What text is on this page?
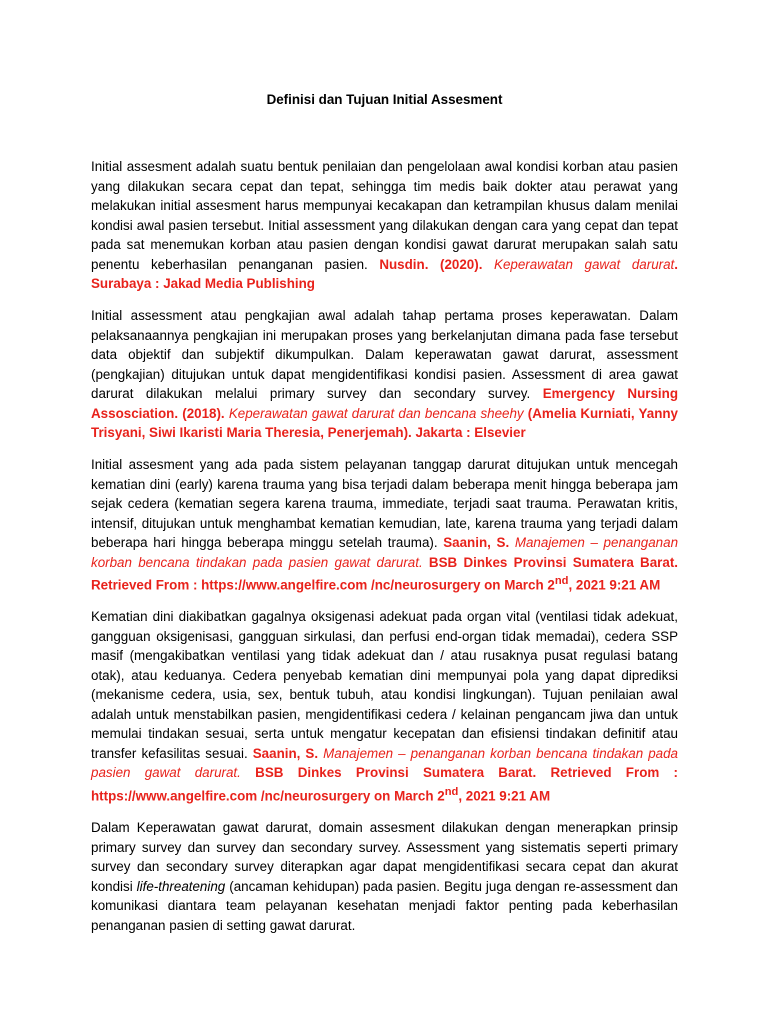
Definisi dan Tujuan Initial Assesment

Initial assesment adalah suatu bentuk penilaian dan pengelolaan awal kondisi korban atau pasien yang dilakukan secara cepat dan tepat, sehingga tim medis baik dokter atau perawat yang melakukan initial assesment harus mempunyai kecakapan dan ketrampilan khusus dalam menilai kondisi awal pasien tersebut. Initial assessment yang dilakukan dengan cara yang cepat dan tepat pada sat menemukan korban atau pasien dengan kondisi gawat darurat merupakan salah satu penentu keberhasilan penanganan pasien. Nusdin. (2020). Keperawatan gawat darurat. Surabaya : Jakad Media Publishing

Initial assessment atau pengkajian awal adalah tahap pertama proses keperawatan. Dalam pelaksanaannya pengkajian ini merupakan proses yang berkelanjutan dimana pada fase tersebut data objektif dan subjektif dikumpulkan. Dalam keperawatan gawat darurat, assessment (pengkajian) ditujukan untuk dapat mengidentifikasi kondisi pasien. Assessment di area gawat darurat dilakukan melalui primary survey dan secondary survey. Emergency Nursing Assosciation. (2018). Keperawatan gawat darurat dan bencana sheehy (Amelia Kurniati, Yanny Trisyani, Siwi Ikaristi Maria Theresia, Penerjemah). Jakarta : Elsevier

Initial assesment yang ada pada sistem pelayanan tanggap darurat ditujukan untuk mencegah kematian dini (early) karena trauma yang bisa terjadi dalam beberapa menit hingga beberapa jam sejak cedera (kematian segera karena trauma, immediate, terjadi saat trauma. Perawatan kritis, intensif, ditujukan untuk menghambat kematian kemudian, late, karena trauma yang terjadi dalam beberapa hari hingga beberapa minggu setelah trauma). Saanin, S. Manajemen – penanganan korban bencana tindakan pada pasien gawat darurat. BSB Dinkes Provinsi Sumatera Barat. Retrieved From : https://www.angelfire.com /nc/neurosurgery on March 2nd, 2021 9:21 AM

Kematian dini diakibatkan gagalnya oksigenasi adekuat pada organ vital (ventilasi tidak adekuat, gangguan oksigenisasi, gangguan sirkulasi, dan perfusi end-organ tidak memadai), cedera SSP masif (mengakibatkan ventilasi yang tidak adekuat dan / atau rusaknya pusat regulasi batang otak), atau keduanya. Cedera penyebab kematian dini mempunyai pola yang dapat diprediksi (mekanisme cedera, usia, sex, bentuk tubuh, atau kondisi lingkungan). Tujuan penilaian awal adalah untuk menstabilkan pasien, mengidentifikasi cedera / kelainan pengancam jiwa dan untuk memulai tindakan sesuai, serta untuk mengatur kecepatan dan efisiensi tindakan definitif atau transfer kefasilitas sesuai. Saanin, S. Manajemen – penanganan korban bencana tindakan pada pasien gawat darurat. BSB Dinkes Provinsi Sumatera Barat. Retrieved From : https://www.angelfire.com /nc/neurosurgery on March 2nd, 2021 9:21 AM

Dalam Keperawatan gawat darurat, domain assesment dilakukan dengan menerapkan prinsip primary survey dan survey dan secondary survey. Assessment yang sistematis seperti primary survey dan secondary survey diterapkan agar dapat mengidentifikasi secara cepat dan akurat kondisi life-threatening (ancaman kehidupan) pada pasien. Begitu juga dengan re-assessment dan komunikasi diantara team pelayanan kesehatan menjadi faktor penting pada keberhasilan penanganan pasien di setting gawat darurat.
